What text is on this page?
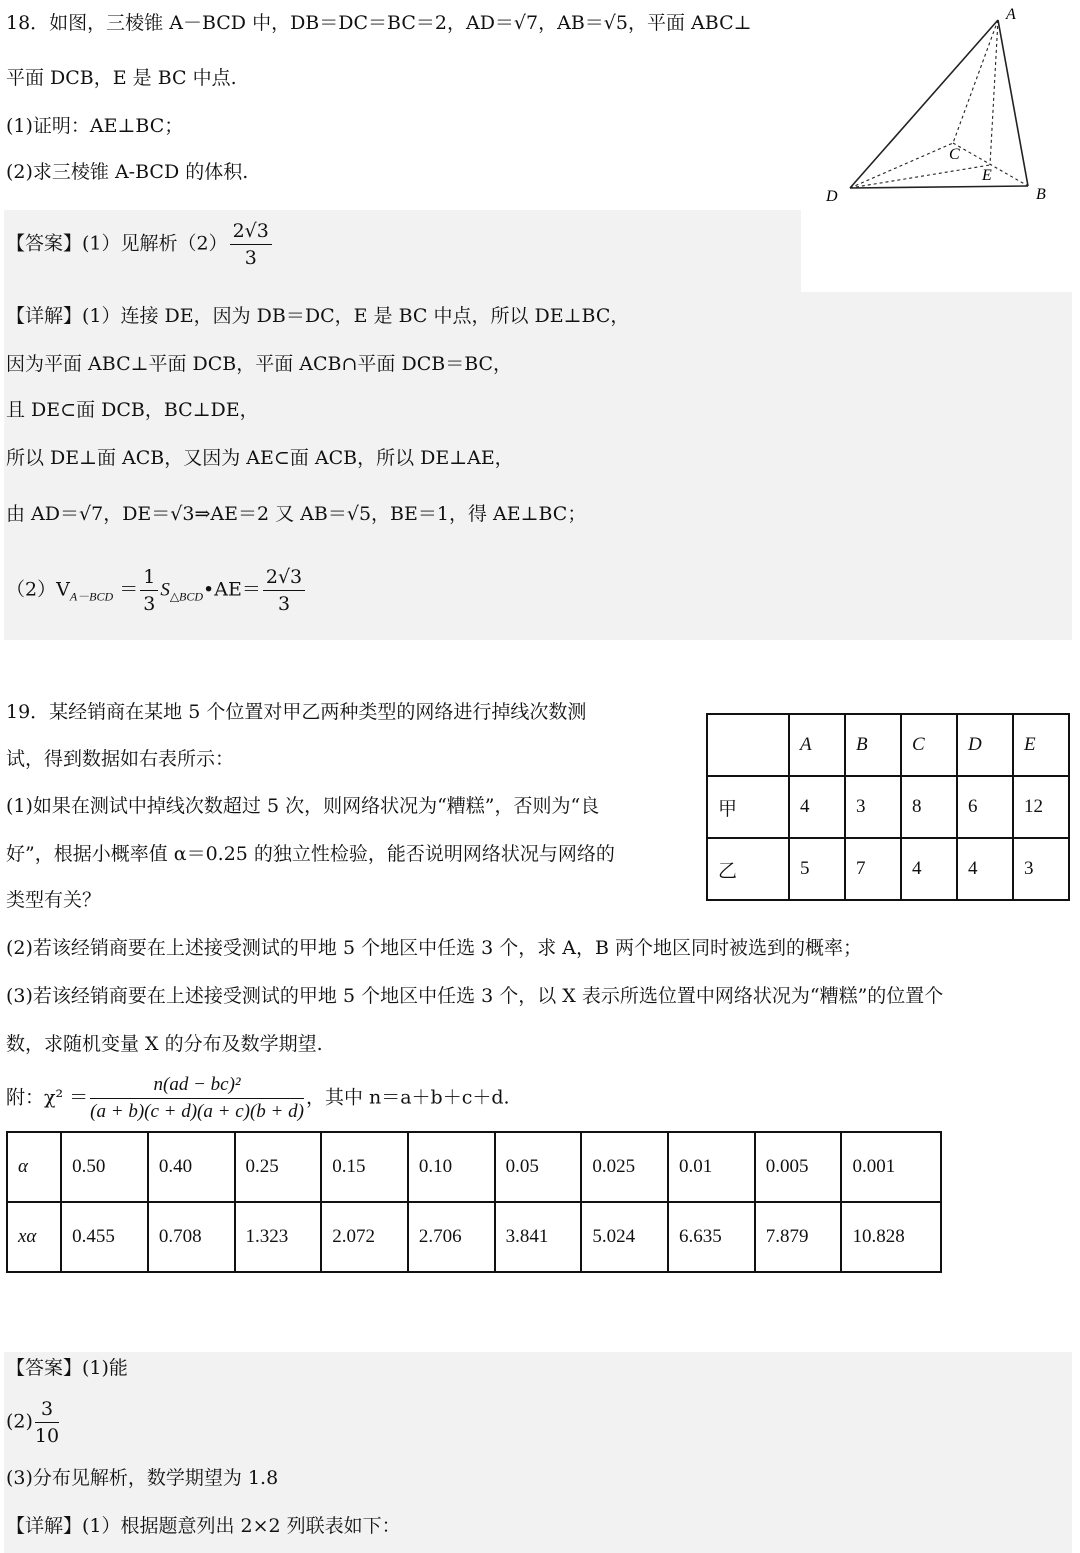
18．如图，三棱锥 A－BCD 中，DB＝DC＝BC＝2，AD＝√7，AB＝√5，平面 ABC⊥
平面 DCB，E 是 BC 中点.
(1)证明：AE⊥BC；
(2)求三棱锥 A-BCD 的体积.
A
B
C
D
E
【答案】(1）见解析$(2) \frac{2√3}{3}$
【详解】(1）连接 DE，因为 DB＝DC，E 是 BC 中点，所以 DE⊥BC，
因为平面 ABC⊥平面 DCB，平面 ACB∩平面 DCB＝BC，
且 DE⊂面 DCB，BC⊥DE，
所以 DE⊥面 ACB，又因为 AE⊂面 ACB，所以 DE⊥AE，
由 AD＝√7，DE＝√3⇒AE＝2 又 AB＝√5，BE＝1，得 AE⊥BC；
$(2)V_{A-BCD} = \frac{1}{3}$ $S_{\triangle BCD}•AE= \frac{2√3}{3}$
19．某经销商在某地 5 个位置对甲乙两种类型的网络进行掉线次数测
试，得到数据如右表所示：
(1)如果在测试中掉线次数超过 5 次，则网络状况为“糟糕”，否则为“良
好”，根据小概率值 α＝0.25 的独立性检验，能否说明网络状况与网络的
类型有关？
(2)若该经销商要在上述接受测试的甲地 5 个地区中任选 3 个，求 A，B 两个地区同时被选到的概率；
(3)若该经销商要在上述接受测试的甲地 5 个地区中任选 3 个，以 X 表示所选位置中网络状况为“糟糕”的位置个
数，求随机变量 X 的分布及数学期望.
	A	B	C	D	E
甲	4	3	8	6	12
乙	5	7	4	4	3
附：$\chi^2 = \frac{\text{n(ad − bc)²}}{(a + b)(c + d)(a + c)(b + d)}$ ，其中 n＝a＋b＋c＋d.
α	0.50	0.40	0.25	0.15	0.10	0.05	0.025	0.01	0.005	0.001
xα	0.455	0.708	1.323	2.072	2.706	3.841	5.024	6.635	7.879	10.828
【答案】(1)能
$(2) \frac{3}{10}$
(3)分布见解析，数学期望为 1.8
【详解】(1）根据题意列出 2×2 列联表如下：
